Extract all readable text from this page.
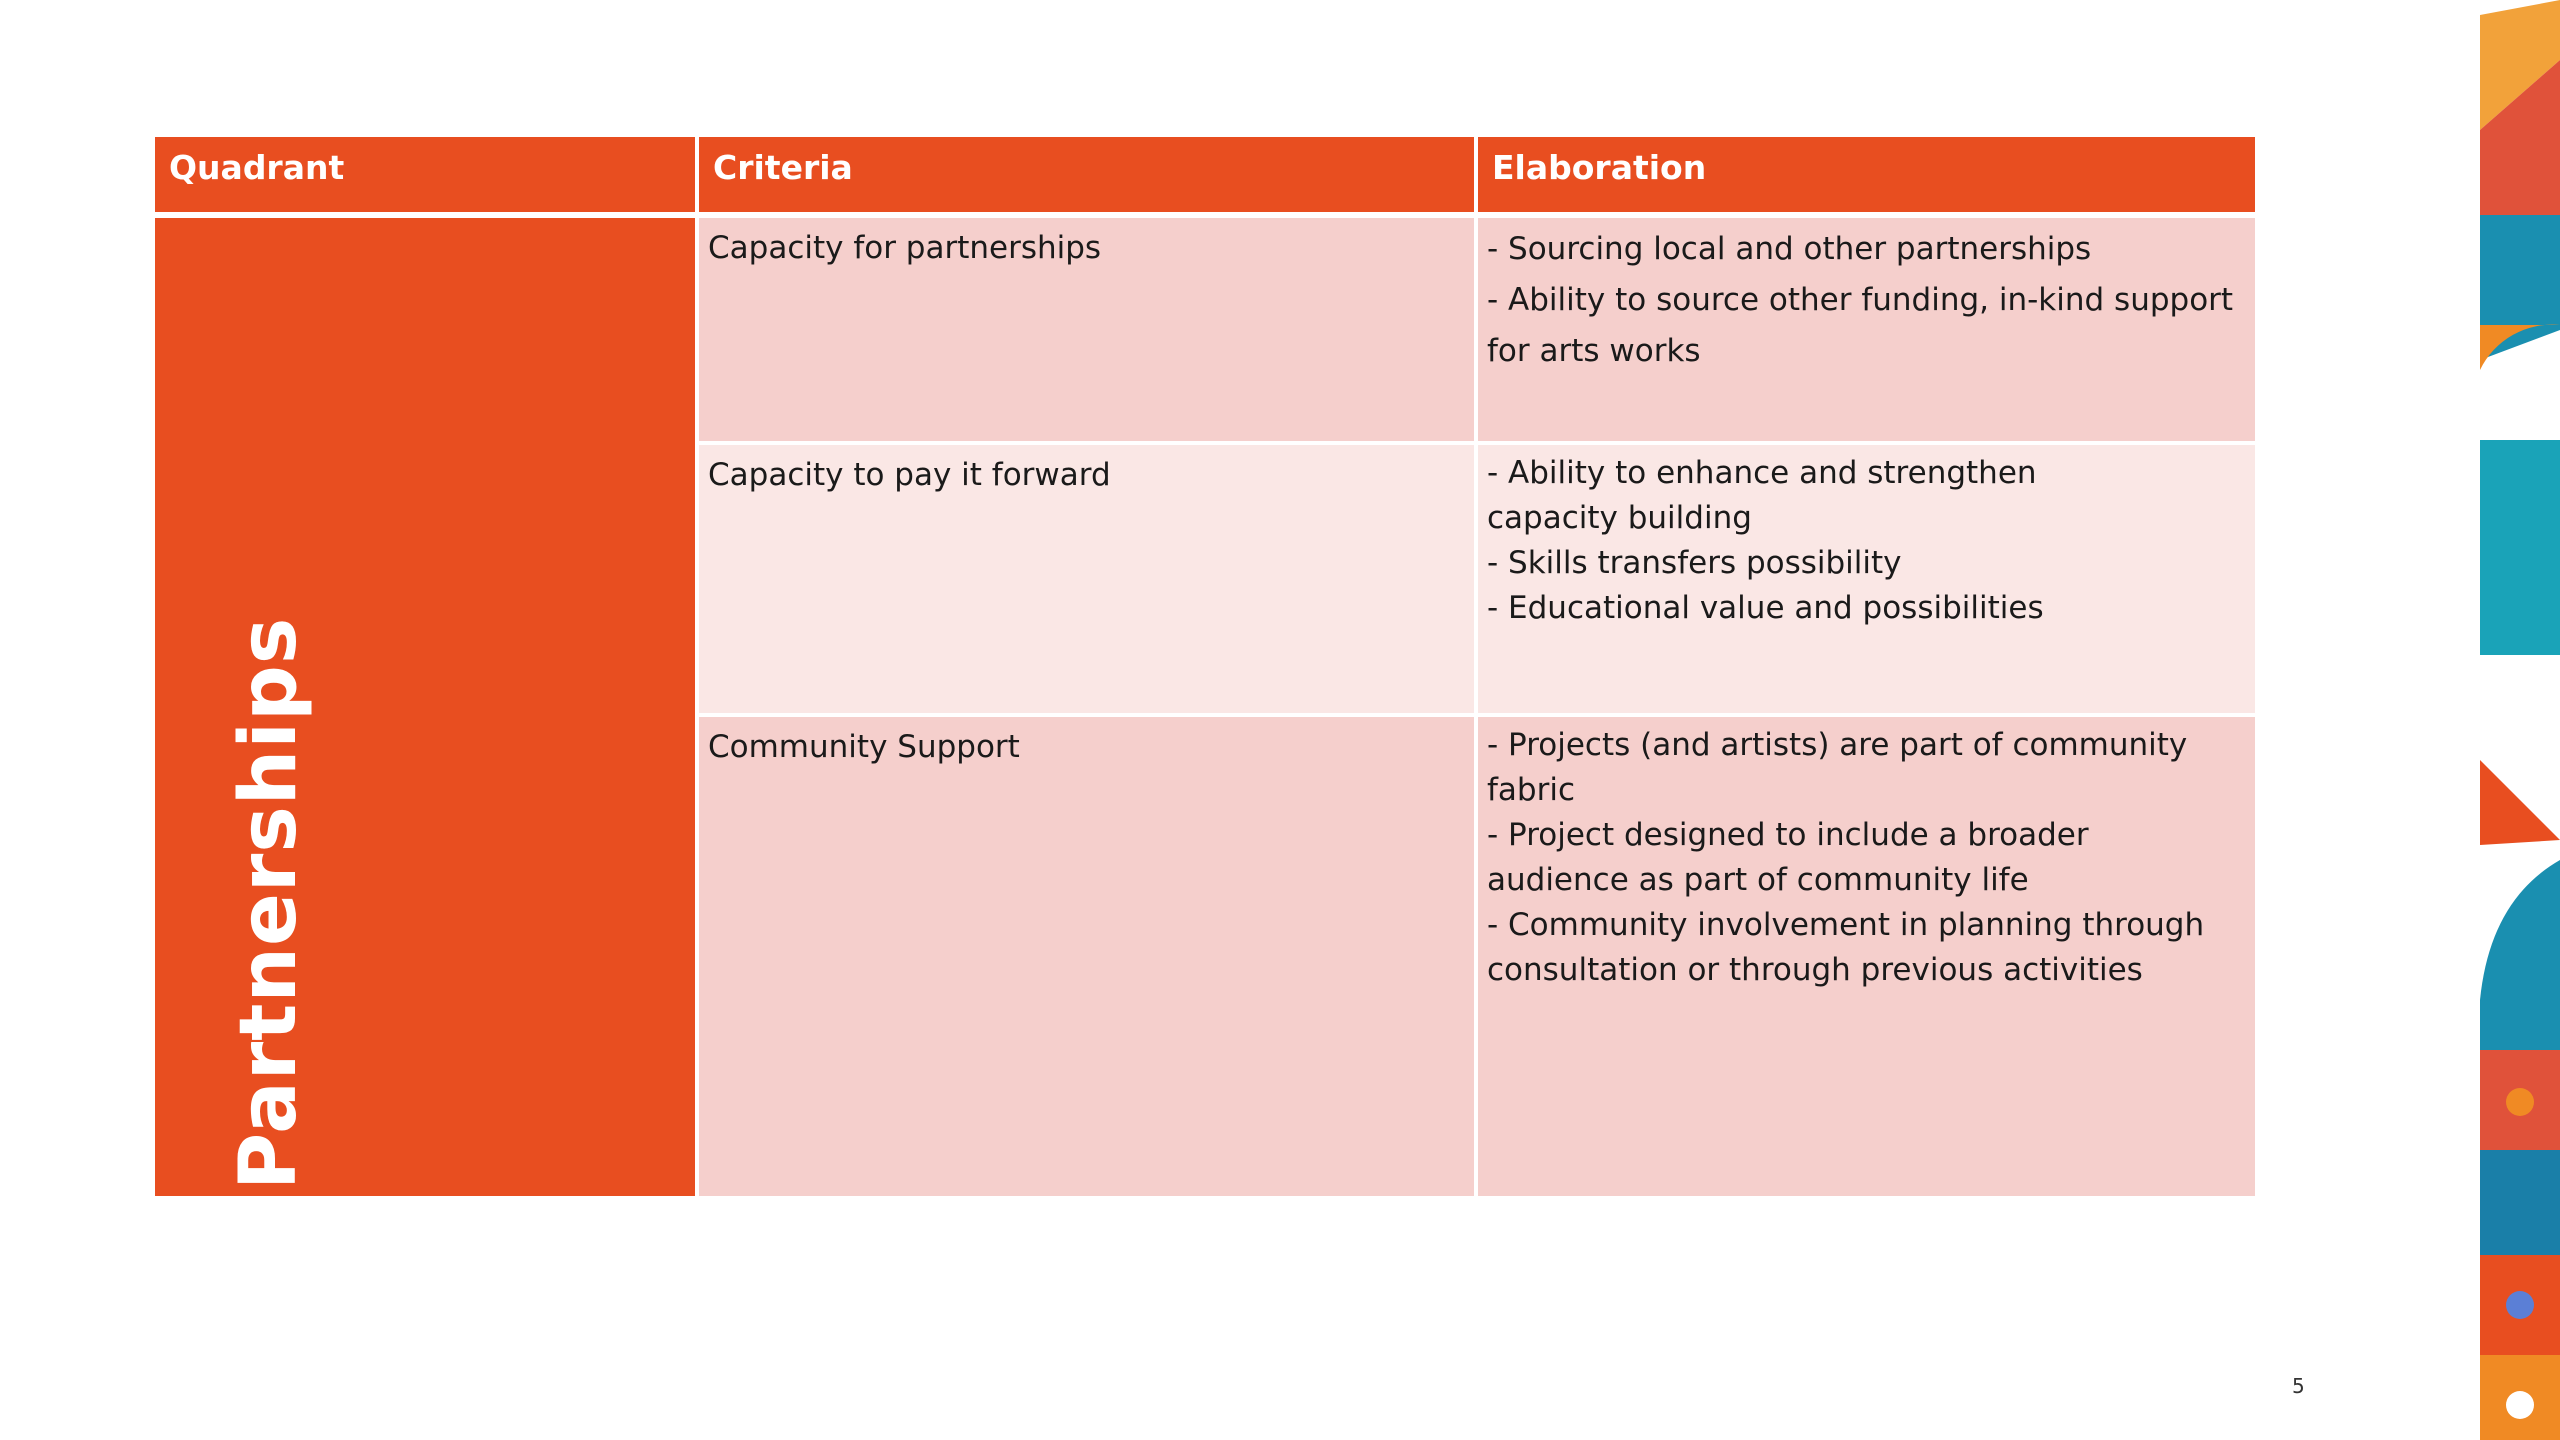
Quadrant	Criteria	Elaboration
Partnerships
Capacity for partnerships	- Sourcing local and other partnerships
- Ability to source other funding, in-kind support for arts works
Capacity to pay it forward	- Ability to enhance and strengthen capacity building
- Skills transfers possibility
- Educational value and possibilities
Community Support	- Projects (and artists) are part of community fabric
- Project designed to include a broader audience as part of community life
- Community involvement in planning through consultation or through previous activities
5
